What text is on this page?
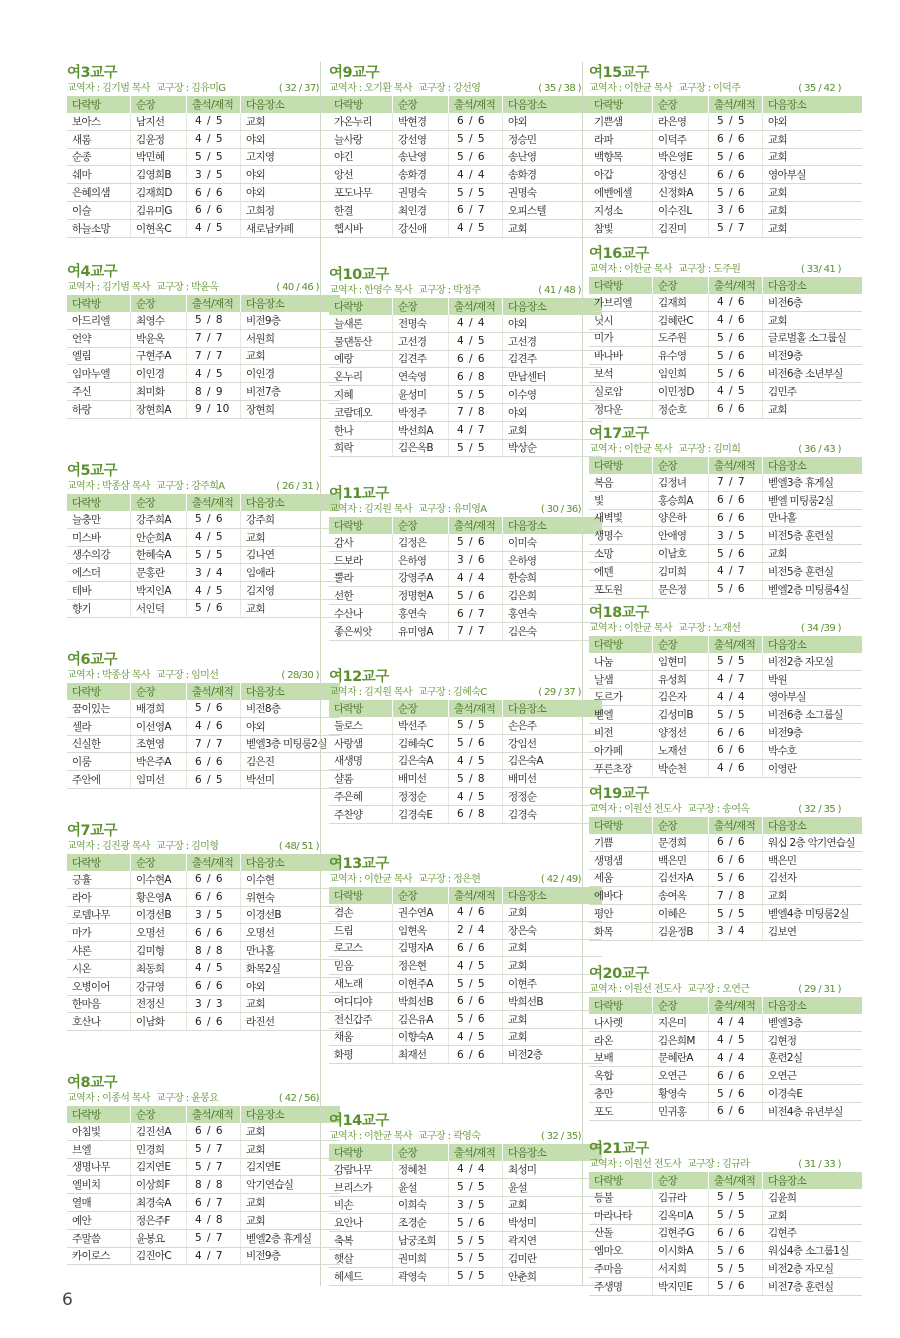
여3교구
교역자 : 김기범 목사 교구장 : 김유미G	( 32 / 37)
다락방	순장	출석/재적	다음장소
보아스	남지선	4 / 5	교회
새롬	김윤정	4 / 5	야외
순종	박민혜	5 / 5	고지영
쉐마	김영희B	3 / 5	야외
은혜의샘	김재희D	6 / 6	야외
이슬	김유미G	6 / 6	고희정
하늘소망	이현옥C	4 / 5	새로남카페
여4교구
교역자 : 김기범 목사 교구장 : 박윤옥	( 40 / 46 )
다락방	순장	출석/재적	다음장소
아드리엘	최영수	5 / 8	비전9층
언약	박윤옥	7 / 7	서원희
엘림	구현주A	7 / 7	교회
임마누엘	이인경	4 / 5	이인경
주신	최미화	8 / 9	비전7층
하랑	장현희A	9 / 10	장현희
여5교구
교역자 : 박종삼 목사 교구장 : 강주희A	( 26 / 31 )
다락방	순장	출석/재적	다음장소
늘충만	강주희A	5 / 6	강주희
미스바	안순희A	4 / 5	교회
생수의강	한혜숙A	5 / 5	김나연
에스더	문홍란	3 / 4	임애라
테바	박지인A	4 / 5	김지영
향기	서인덕	5 / 6	교회
여6교구
교역자 : 박종삼 목사 교구장 : 임미선	( 28/30 )
다락방	순장	출석/재적	다음장소
꿈이있는	배경희	5 / 6	비전8층
셀라	이선영A	4 / 6	야외
신실한	조현영	7 / 7	벧엘3층 미팅룸2실
이룸	박은주A	6 / 6	김은진
주안에	임미선	6 / 5	박선미
여7교구
교역자 : 김진광 목사 교구장 : 김미형	( 48/ 51 )
다락방	순장	출석/재적	다음장소
긍휼	이수현A	6 / 6	이수현
라아	황은영A	6 / 6	위현숙
로뎀나무	이경선B	3 / 5	이경선B
마가	오명선	6 / 6	오명선
샤론	김미형	8 / 8	만나홀
시온	최동희	4 / 5	화목2실
오병이어	강규영	6 / 6	야외
한마음	전정신	3 / 3	교회
호산나	이남화	6 / 6	라진선
여8교구
교역자 : 이종석 목사 교구장 : 윤봉요	( 42 / 56)
다락방	순장	출석/재적	다음장소
아침빛	김진선A	6 / 6	교회
브엘	민경희	5 / 7	교회
생명나무	김지연E	5 / 7	김지연E
엘비치	이상희F	8 / 8	악기연습실
열매	최경숙A	6 / 7	교회
예안	정은주F	4 / 8	교회
주말씀	윤봉요	5 / 7	벧엘2층 휴게실
카이로스	김진아C	4 / 7	비전9층
여9교구
교역자 : 오기환 목사 교구장 : 강선영	( 35 / 38 )
다락방	순장	출석/재적	다음장소
가온누리	박현경	6 / 6	야외
늘사랑	강선영	5 / 5	정승민
야긴	송난영	5 / 6	송난영
앙선	송화경	4 / 4	송화경
포도나무	권명숙	5 / 5	권명숙
한결	최인경	6 / 7	오피스텔
헵시바	강신애	4 / 5	교회
여10교구
교역자 : 한영수 목사 교구장 : 박정주	( 41 / 48 )
다락방	순장	출석/재적	다음장소
늘새론	전명숙	4 / 4	야외
물댄동산	고선경	4 / 5	고선경
예랑	김견주	6 / 6	김견주
온누리	연숙영	6 / 8	만남센터
지혜	윤성미	5 / 5	이수영
코람데오	박정주	7 / 8	야외
한나	박선희A	4 / 7	교회
희락	김은옥B	5 / 5	박상순
여11교구
교역자 : 김지원 목사 교구장 : 유미영A	( 30 / 36)
다락방	순장	출석/재적	다음장소
감사	김정은	5 / 6	이미숙
드보라	은하영	3 / 6	은하영
뿔라	강영주A	4 / 4	한승희
선한	정명현A	5 / 6	김은희
수산나	홍연숙	6 / 7	홍연숙
좋은씨앗	유미영A	7 / 7	김은숙
여12교구
교역자 : 김지원 목사 교구장 : 김혜숙C	( 29 / 37 )
다락방	순장	출석/재적	다음장소
둘로스	박선주	5 / 5	손은주
사랑샘	김혜숙C	5 / 6	강임선
새생명	김은숙A	4 / 5	김은숙A
샬롬	배미선	5 / 8	배미선
주은혜	정정순	4 / 5	정정순
주찬양	김경숙E	6 / 8	김경숙
여13교구
교역자 : 이한균 목사 교구장 : 정은현	( 42 / 49)
다락방	순장	출석/재적	다음장소
겸손	권수연A	4 / 6	교회
드림	임현옥	2 / 4	장은숙
로고스	김명자A	6 / 6	교회
믿음	정은현	4 / 5	교회
새노래	이현주A	5 / 5	이현주
여디디야	박희선B	6 / 6	박희선B
전신갑주	김은유A	5 / 6	교회
채움	이향숙A	4 / 5	교회
화평	최재선	6 / 6	비전2층
여14교구
교역자 : 이한균 목사 교구장 : 곽영숙	( 32 / 35)
다락방	순장	출석/재적	다음장소
감람나무	정혜천	4 / 4	최성미
브리스가	윤설	5 / 5	윤설
비손	이희숙	3 / 5	교회
요안나	조경순	5 / 6	박성미
축복	남궁조희	5 / 5	곽지연
햇살	권미희	5 / 5	김미란
헤세드	곽영숙	5 / 5	안춘희
여15교구
교역자 : 이한균 목사 교구장 : 이덕주	( 35 / 42 )
다락방	순장	출석/재적	다음장소
기쁜샘	라은영	5 / 5	야외
라파	이덕주	6 / 6	교회
백향목	박은영E	5 / 6	교회
아갑	장영신	6 / 6	영아부실
에벤에셀	신정화A	5 / 6	교회
지성소	이수진L	3 / 6	교회
참빛	김진미	5 / 7	교회
여16교구
교역자 : 이한균 목사 교구장 : 도주원	( 33/ 41 )
다락방	순장	출석/재적	다음장소
가브리엘	김재희	4 / 6	비전6층
닛시	김혜란C	4 / 6	교회
미가	도주원	5 / 6	글로벌홀 소그룹실
바나바	유수영	5 / 6	비전9층
보석	임인희	5 / 6	비전6층 소년부실
실로암	이민정D	4 / 5	김민주
정다운	정순호	6 / 6	교회
여17교구
교역자 : 이한균 목사 교구장 : 김미희	( 36 / 43 )
다락방	순장	출석/재적	다음장소
복음	김정녀	7 / 7	벧엘3층 휴게실
빛	홍승희A	6 / 6	벧엘 미팅룸2실
새벽빛	양은하	6 / 6	만나홀
생명수	안애영	3 / 5	비전5층 훈련실
소망	이남호	5 / 6	교회
에덴	김미희	4 / 7	비전5층 훈련실
포도원	문은정	5 / 6	벧엘2층 미팅룸4실
여18교구
교역자 : 이한균 목사 교구장 : 노재선	( 34 /39 )
다락방	순장	출석/재적	다음장소
나눔	임현미	5 / 5	비전2층 자모실
날샘	유성희	4 / 7	박원
도르가	김은자	4 / 4	영아부실
벧엘	김성미B	5 / 5	비전6층 소그룹실
비전	양정선	6 / 6	비전9층
아가페	노재선	6 / 6	박수호
푸른초장	박순천	4 / 6	이영란
여19교구
교역자 : 이원선 전도사 교구장 : 송여옥	( 32 / 35 )
다락방	순장	출석/재적	다음장소
기쁨	문경희	6 / 6	워십 2층 악기연습실
생명샘	백은민	6 / 6	백은민
세움	김선자A	5 / 6	김선자
에바다	송여옥	7 / 8	교회
평안	이혜은	5 / 5	벧엘4층 미팅룸2실
화목	김윤정B	3 / 4	김보연
여20교구
교역자 : 이원선 전도사 교구장 : 오연근	( 29 / 31 )
다락방	순장	출석/재적	다음장소
나사렛	지은미	4 / 4	벧엘3층
라온	김은희M	4 / 5	김현정
보배	문혜란A	4 / 4	훈련2실
옥합	오연근	6 / 6	오연근
충만	황영숙	5 / 6	이경숙E
포도	민귀홍	6 / 6	비전4층 유년부실
여21교구
교역자 : 이원선 전도사 교구장 : 김규라	( 31 / 33 )
다락방	순장	출석/재적	다음장소
등불	김규라	5 / 5	김윤희
마라나타	김옥미A	5 / 5	교회
산돌	김현주G	6 / 6	김현주
엠마오	이시화A	5 / 6	워십4층 소그룹1실
주마음	서지희	5 / 5	비전2층 자모실
주생명	박지민E	5 / 6	비전7층 훈련실
6
